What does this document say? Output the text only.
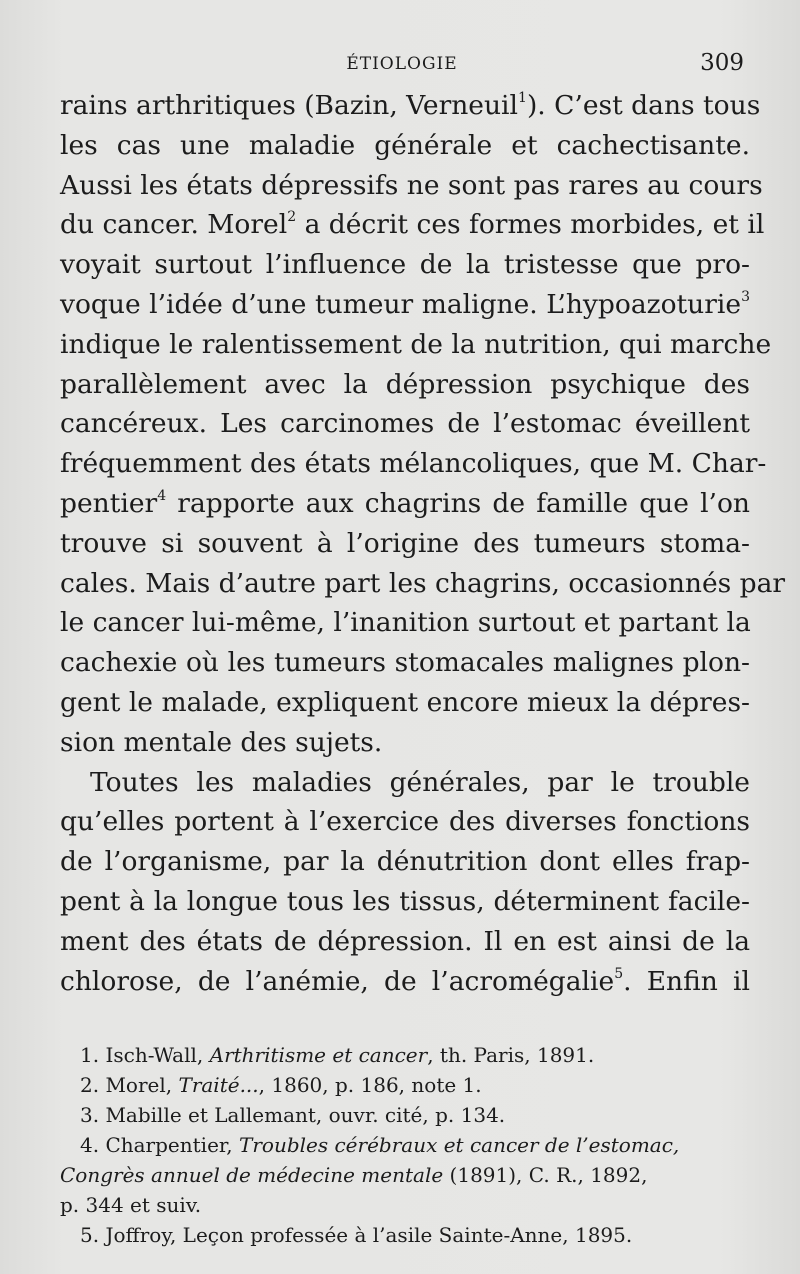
ÉTIOLOGIE	309
rains arthritiques (Bazin, Verneuil$^1$). C’est dans tous
les cas une maladie générale et cachectisante.
Aussi les états dépressifs ne sont pas rares au cours
du cancer. Morel$^2$ a décrit ces formes morbides, et il
voyait surtout l’influence de la tristesse que pro-
voque l’idée d’une tumeur maligne. L’hypoazoturie$^3$
indique le ralentissement de la nutrition, qui marche
parallèlement avec la dépression psychique des
cancéreux. Les carcinomes de l’estomac éveillent
fréquemment des états mélancoliques, que M. Char-
pentier$^4$ rapporte aux chagrins de famille que l’on
trouve si souvent à l’origine des tumeurs stoma-
cales. Mais d’autre part les chagrins, occasionnés par
le cancer lui-même, l’inanition surtout et partant la
cachexie où les tumeurs stomacales malignes plon-
gent le malade, expliquent encore mieux la dépres-
sion mentale des sujets.
Toutes les maladies générales, par le trouble
qu’elles portent à l’exercice des diverses fonctions
de l’organisme, par la dénutrition dont elles frap-
pent à la longue tous les tissus, déterminent facile-
ment des états de dépression. Il en est ainsi de la
chlorose, de l’anémie, de l’acromégalie$^5$. Enfin il
1. Isch-Wall, Arthritisme et cancer, th. Paris, 1891.
2. Morel, Traité..., 1860, p. 186, note 1.
3. Mabille et Lallemant, ouvr. cité, p. 134.
4. Charpentier, Troubles cérébraux et cancer de l’estomac,
Congrès annuel de médecine mentale (1891), C. R., 1892,
p. 344 et suiv.
5. Joffroy, Leçon professée à l’asile Sainte-Anne, 1895.
